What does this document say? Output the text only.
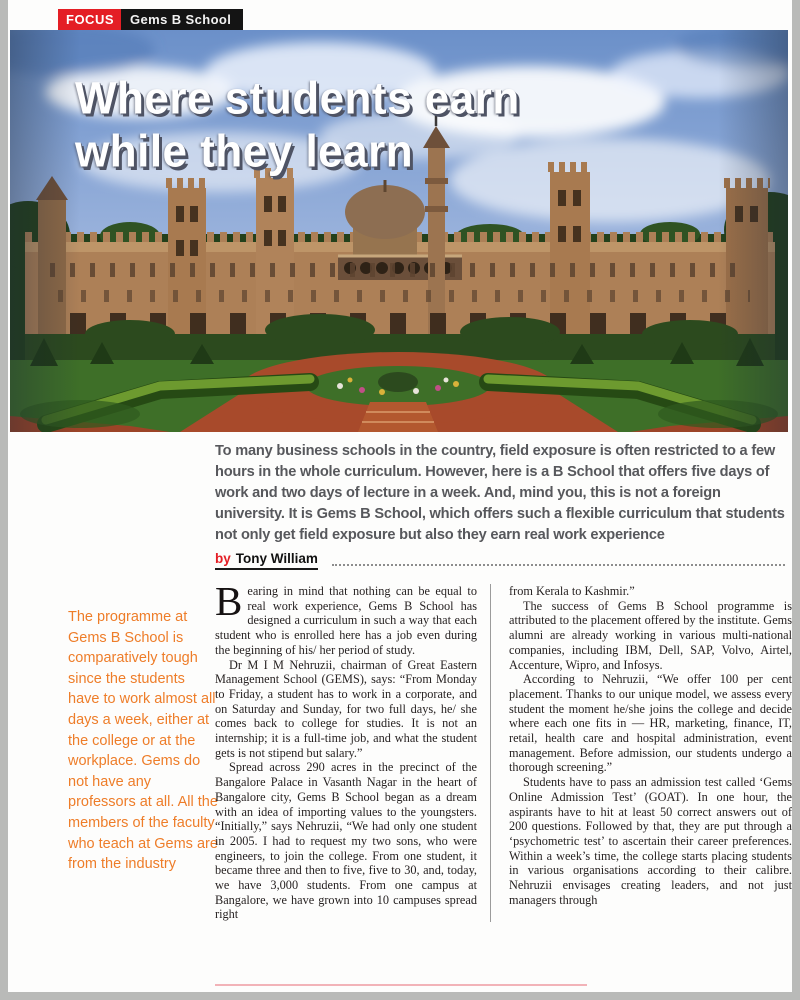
FOCUS	Gems B School
Where students earn
while they learn
To many business schools in the country, field exposure is often restricted to a few hours in the whole curriculum. However, here is a B School that offers five days of work and two days of lecture in a week. And, mind you, this is not a foreign university. It is Gems B School, which offers such a flexible curriculum that students not only get field exposure but also they earn real work experience
by Tony William
The programme at Gems B School is comparatively tough since the students have to work almost all days a week, either at the college or at the workplace. Gems do not have any professors at all. All the members of the faculty who teach at Gems are from the industry

Bearing in mind that nothing can be equal to real work experience, Gems B School has designed a curriculum in such a way that each student who is enrolled here has a job even during the beginning of his/ her period of study.

Dr M I M Nehruzii, chairman of Great Eastern Management School (GEMS), says: “From Monday to Friday, a student has to work in a corporate, and on Saturday and Sunday, for two full days, he/ she comes back to college for studies. It is not an internship; it is a full-time job, and what the student gets is not stipend but salary.”

Spread across 290 acres in the precinct of the Bangalore Palace in Vasanth Nagar in the heart of Bangalore city, Gems B School began as a dream with an idea of importing values to the youngsters. “Initially,” says Nehruzii, “We had only one student in 2005. I had to request my two sons, who were engineers, to join the college. From one student, it became three and then to five, five to 30, and, today, we have 3,000 students. From one campus at Bangalore, we have grown into 10 campuses spread right

from Kerala to Kashmir.”

The success of Gems B School programme is attributed to the placement offered by the institute. Gems alumni are already working in various multi-national companies, including IBM, Dell, SAP, Volvo, Airtel, Accenture, Wipro, and Infosys.

According to Nehruzii, “We offer 100 per cent placement. Thanks to our unique model, we assess every student the moment he/she joins the college and decide where each one fits in — HR, marketing, finance, IT, retail, health care and hospital administration, event management. Before admission, our students undergo a thorough screening.”

Students have to pass an admission test called ‘Gems Online Admission Test’ (GOAT). In one hour, the aspirants have to hit at least 50 correct answers out of 200 questions. Followed by that, they are put through a ‘psychometric test’ to ascertain their career preferences. Within a week’s time, the college starts placing students in various organisations according to their calibre. Nehruzii envisages creating leaders, and not just managers through
